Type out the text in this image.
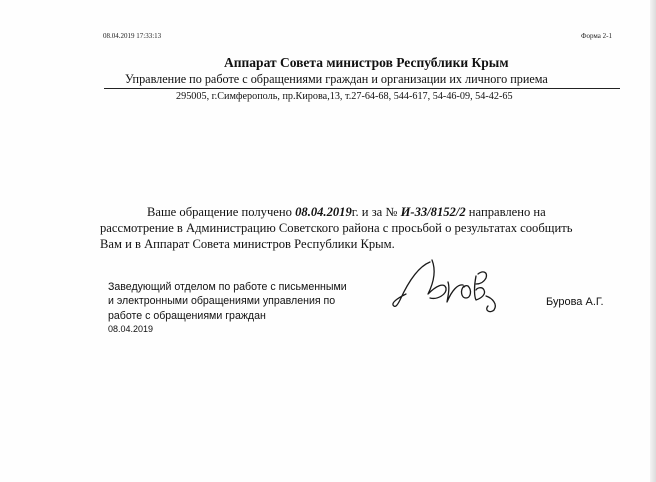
08.04.2019 17:33:13	Форма 2-1
Аппарат Совета министров Республики Крым
Управление по работе с обращениями граждан и организации их личного приема
295005, г.Симферополь, пр.Кирова,13, т.27-64-68, 544-617, 54-46-09, 54-42-65
Ваше обращение получено 08.04.2019г. и за № И-33/8152/2 направлено на
рассмотрение в Администрацию Советского района с просьбой о результатах сообщить
Вам и в Аппарат Совета министров Республики Крым.
Заведующий отделом по работе с письменными
и электронными обращениями управления по
работе с обращениями граждан
08.04.2019
Бурова А.Г.
